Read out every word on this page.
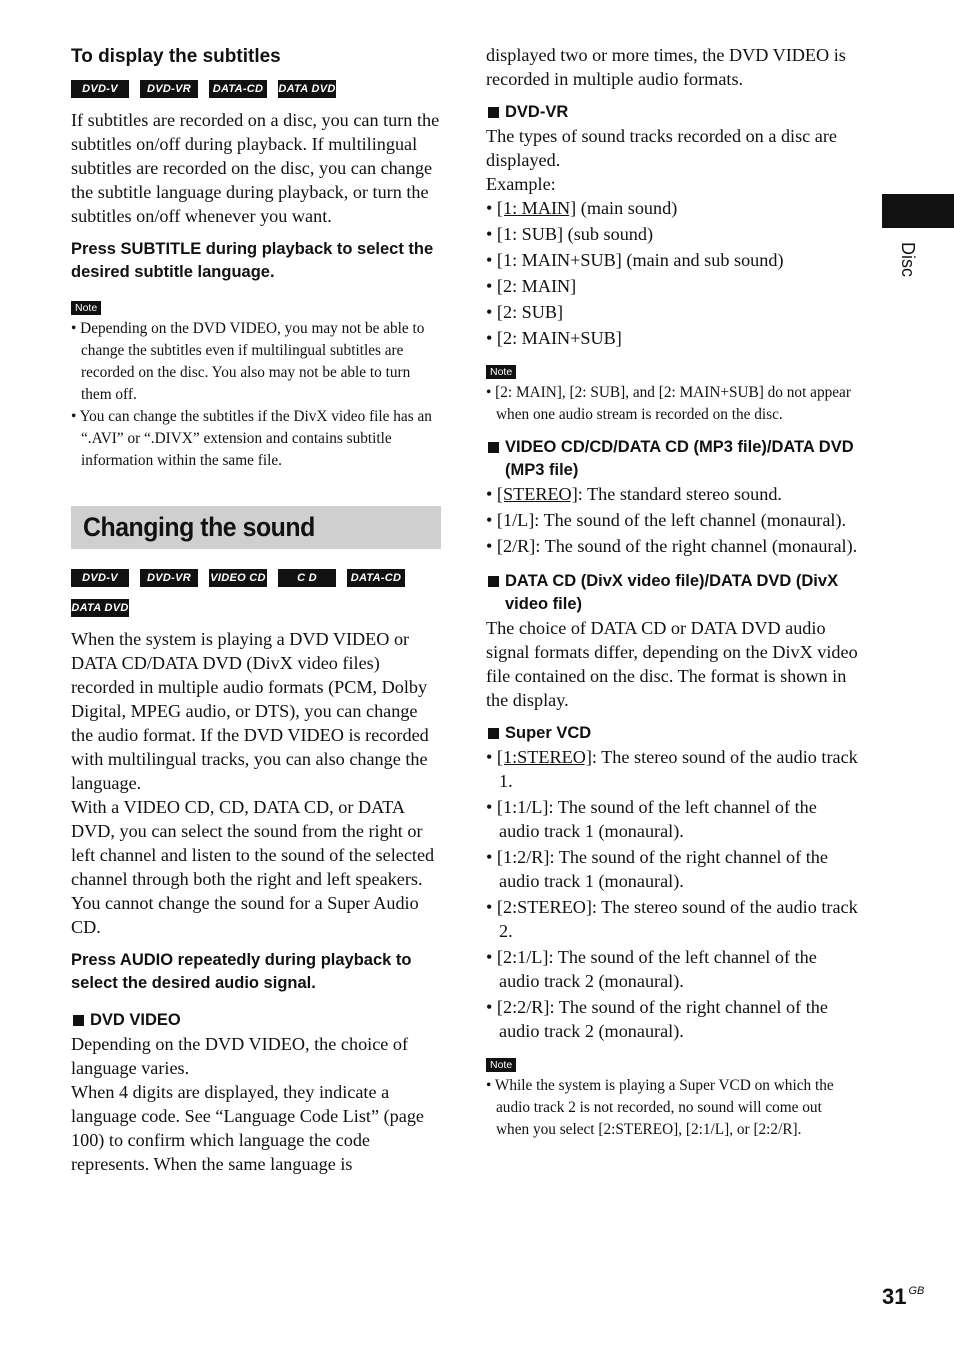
To display the subtitles
DVD-V	DVD-VR	DATA-CD	DATA DVD

If subtitles are recorded on a disc, you can turn the subtitles on/off during playback. If multilingual subtitles are recorded on the disc, you can change the subtitle language during playback, or turn the subtitles on/off whenever you want.

Press SUBTITLE during playback to select the desired subtitle language.
Note
• Depending on the DVD VIDEO, you may not be able to change the subtitles even if multilingual subtitles are recorded on the disc. You also may not be able to turn them off.
• You can change the subtitles if the DivX video file has an “.AVI” or “.DIVX” extension and contains subtitle information within the same file.
Changing the sound
DVD-V	DVD-VR	VIDEO CD	C D	DATA-CD
DATA DVD

When the system is playing a DVD VIDEO or DATA CD/DATA DVD (DivX video files) recorded in multiple audio formats (PCM, Dolby Digital, MPEG audio, or DTS), you can change the audio format. If the DVD VIDEO is recorded with multilingual tracks, you can also change the language.

With a VIDEO CD, CD, DATA CD, or DATA DVD, you can select the sound from the right or left channel and listen to the sound of the selected channel through both the right and left speakers.

You cannot change the sound for a Super Audio CD.

Press AUDIO repeatedly during playback to select the desired audio signal.
DVD VIDEO

Depending on the DVD VIDEO, the choice of language varies.

When 4 digits are displayed, they indicate a language code. See “Language Code List” (page 100) to confirm which language the code represents. When the same language is

displayed two or more times, the DVD VIDEO is recorded in multiple audio formats.

DVD-VR

The types of sound tracks recorded on a disc are displayed.

Example:

• [1: MAIN] (main sound)
• [1: SUB] (sub sound)
• [1: MAIN+SUB] (main and sub sound)
• [2: MAIN]
• [2: SUB]
• [2: MAIN+SUB]
Note
• [2: MAIN], [2: SUB], and [2: MAIN+SUB] do not appear when one audio stream is recorded on the disc.
VIDEO CD/CD/DATA CD (MP3 file)/DATA DVD (MP3 file)
• [STEREO]: The standard stereo sound.
• [1/L]: The sound of the left channel (monaural).
• [2/R]: The sound of the right channel (monaural).
DATA CD (DivX video file)/DATA DVD (DivX video file)

The choice of DATA CD or DATA DVD audio signal formats differ, depending on the DivX video file contained on the disc. The format is shown in the display.

Super VCD
• [1:STEREO]: The stereo sound of the audio track 1.
• [1:1/L]: The sound of the left channel of the audio track 1 (monaural).
• [1:2/R]: The sound of the right channel of the audio track 1 (monaural).
• [2:STEREO]: The stereo sound of the audio track 2.
• [2:1/L]: The sound of the left channel of the audio track 2 (monaural).
• [2:2/R]: The sound of the right channel of the audio track 2 (monaural).
Note
• While the system is playing a Super VCD on which the audio track 2 is not recorded, no sound will come out when you select [2:STEREO], [2:1/L], or [2:2/R].
Disc
31 $^{GB}$
